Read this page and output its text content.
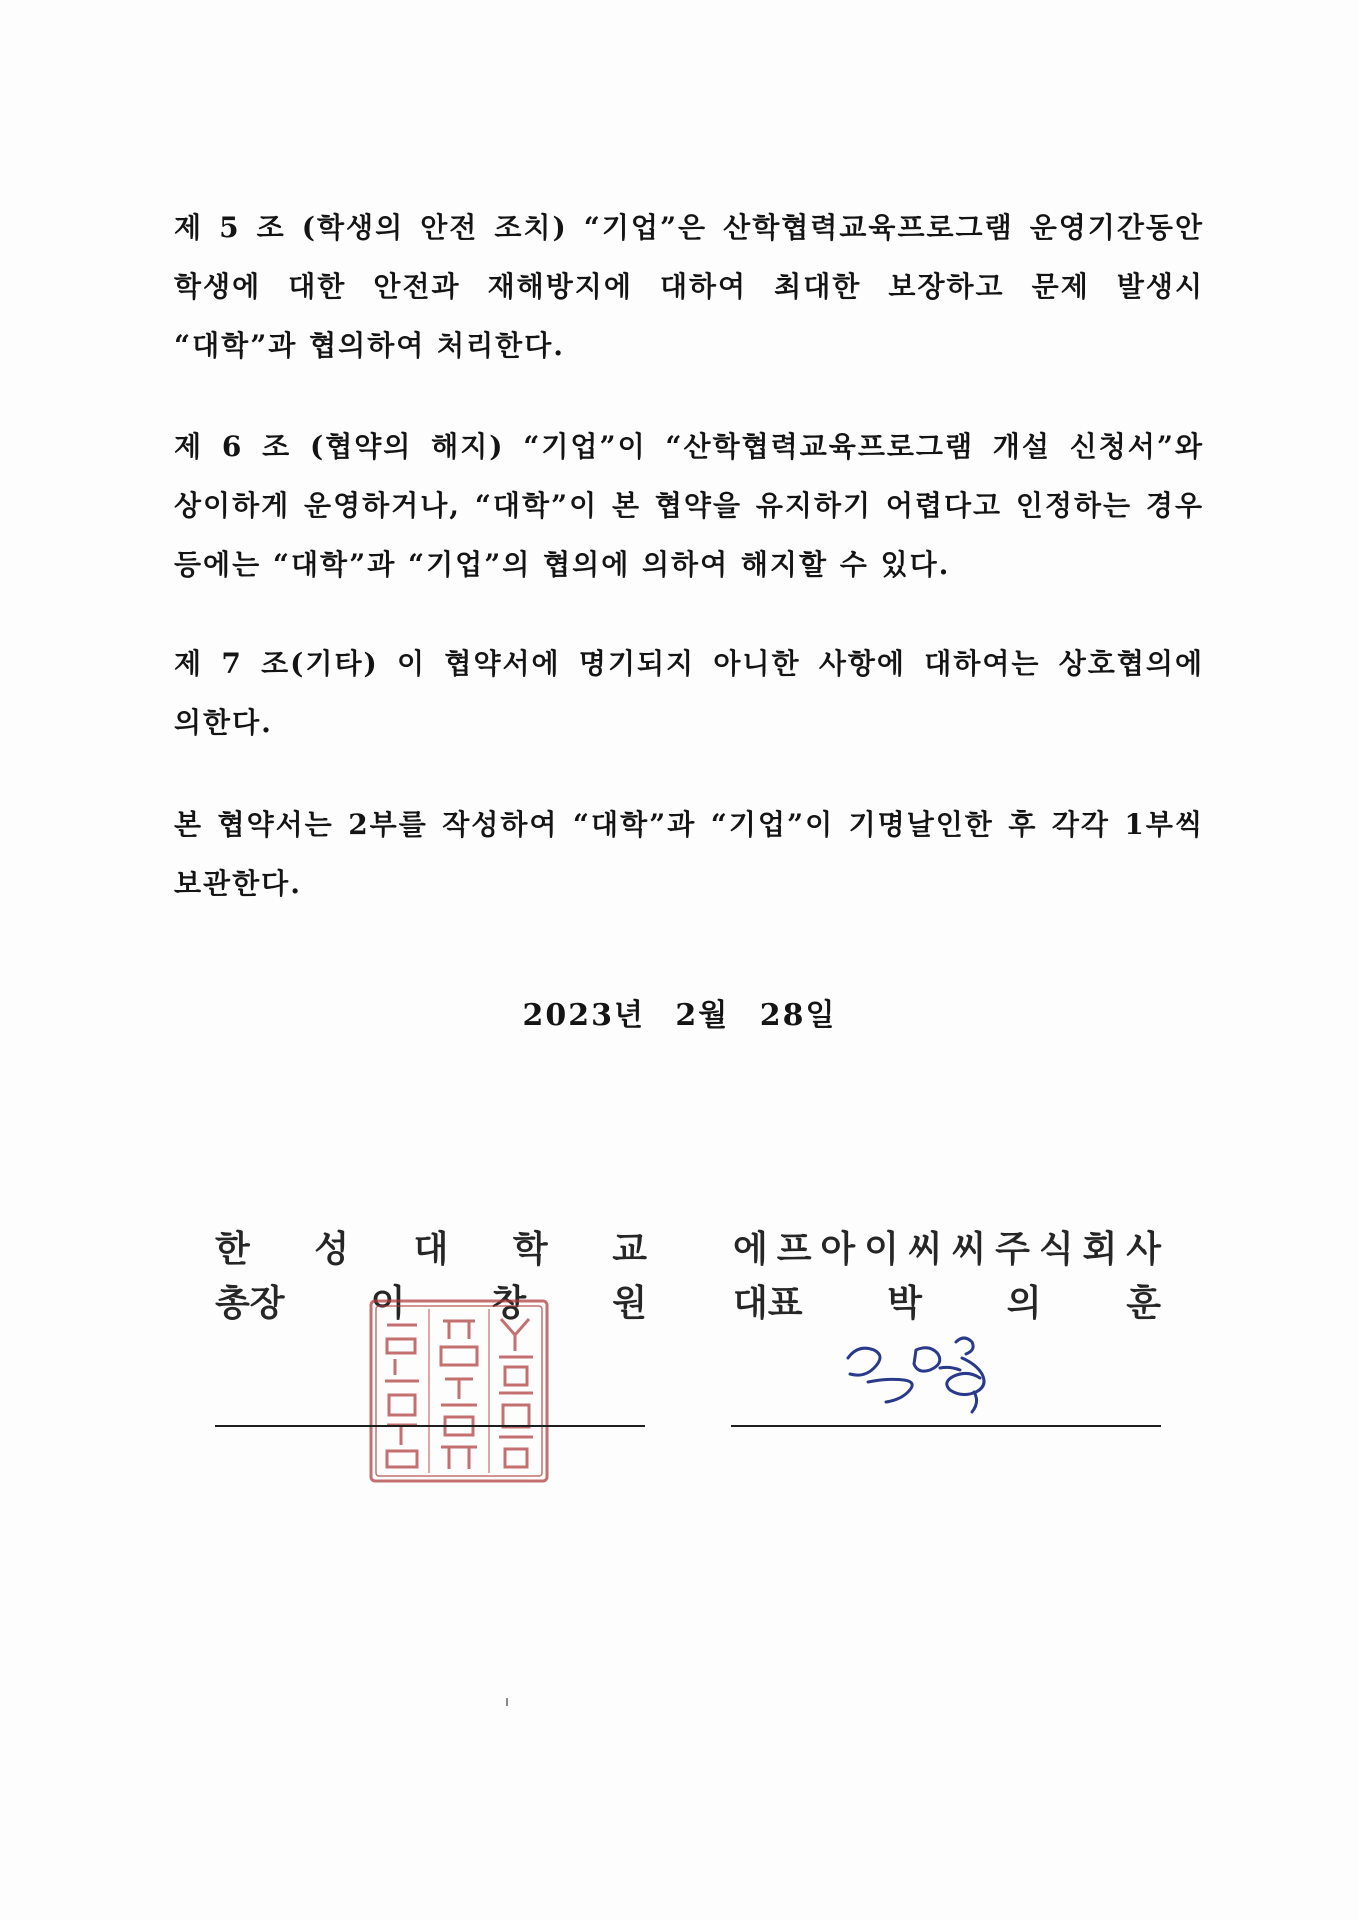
제 5 조 (학생의 안전 조치) “기업”은 산학협력교육프로그램 운영기간동안 학생에 대한 안전과 재해방지에 대하여 최대한 보장하고 문제 발생시 “대학”과 협의하여 처리한다.

제 6 조 (협약의 해지) “기업”이 “산학협력교육프로그램 개설 신청서”와 상이하게 운영하거나, “대학”이 본 협약을 유지하기 어렵다고 인정하는 경우 등에는 “대학”과 “기업”의 협의에 의하여 해지할 수 있다.

제 7 조(기타) 이 협약서에 명기되지 아니한 사항에 대하여는 상호협의에 의한다.

본 협약서는 2부를 작성하여 “대학”과 “기업”이 기명날인한 후 각각 1부씩 보관한다.

2023년 2월 28일
한 성 대 학 교
총장 이 창 원
에 프 아 이 씨 씨 주 식 회 사
대표 박 의 훈
